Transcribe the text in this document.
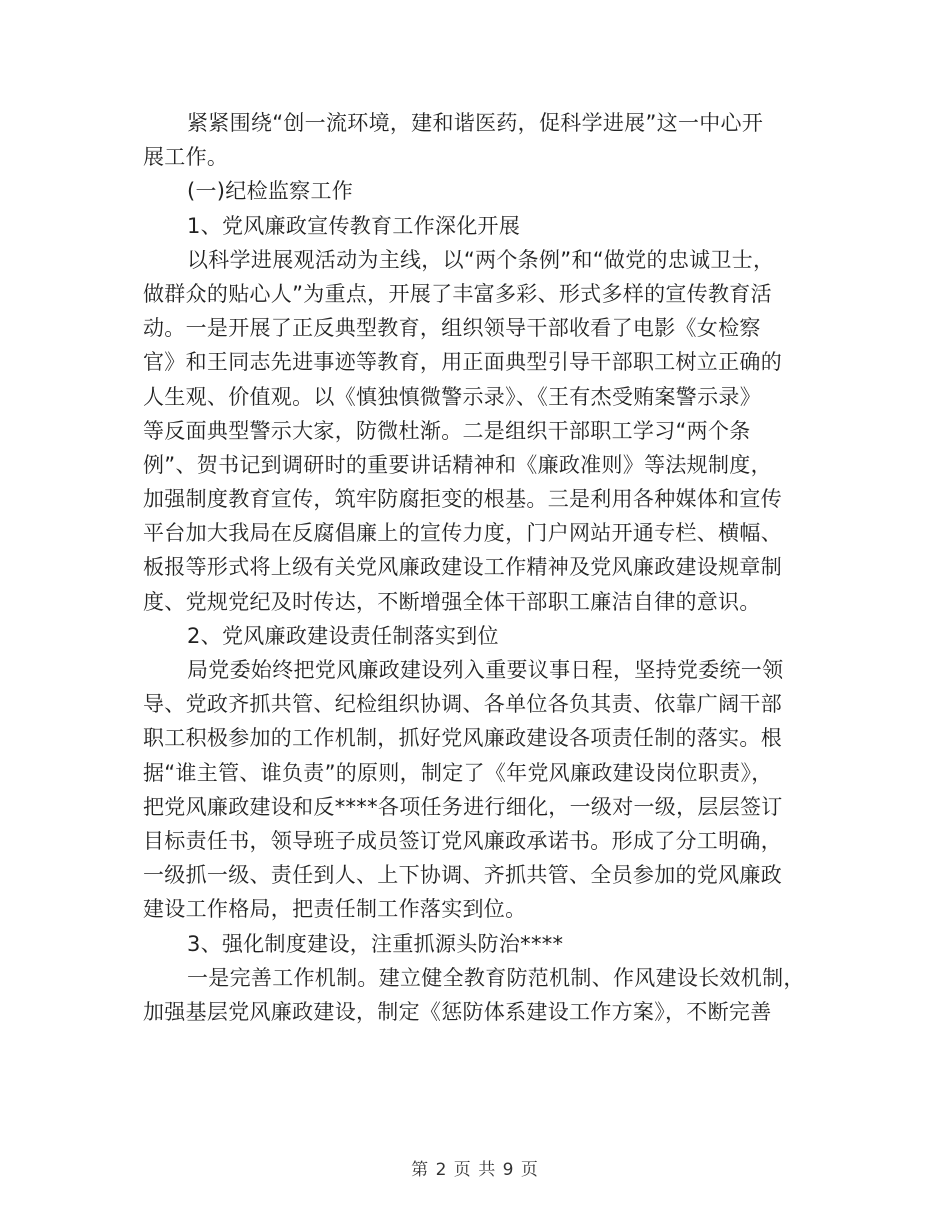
紧紧围绕“创一流环境，建和谐医药，促科学进展”这一中心开
展工作。
(一)纪检监察工作
1、党风廉政宣传教育工作深化开展
以科学进展观活动为主线，以“两个条例”和“做党的忠诚卫士，
做群众的贴心人”为重点，开展了丰富多彩、形式多样的宣传教育活
动。一是开展了正反典型教育，组织领导干部收看了电影《女检察
官》和王同志先进事迹等教育，用正面典型引导干部职工树立正确的
人生观、价值观。以《慎独慎微警示录》、《王有杰受贿案警示录》
等反面典型警示大家，防微杜渐。二是组织干部职工学习“两个条
例”、贺书记到调研时的重要讲话精神和《廉政准则》等法规制度，
加强制度教育宣传，筑牢防腐拒变的根基。三是利用各种媒体和宣传
平台加大我局在反腐倡廉上的宣传力度，门户网站开通专栏、横幅、
板报等形式将上级有关党风廉政建设工作精神及党风廉政建设规章制
度、党规党纪及时传达，不断增强全体干部职工廉洁自律的意识。
2、党风廉政建设责任制落实到位
局党委始终把党风廉政建设列入重要议事日程，坚持党委统一领
导、党政齐抓共管、纪检组织协调、各单位各负其责、依靠广阔干部
职工积极参加的工作机制，抓好党风廉政建设各项责任制的落实。根
据“谁主管、谁负责”的原则，制定了《年党风廉政建设岗位职责》，
把党风廉政建设和反****各项任务进行细化，一级对一级，层层签订
目标责任书，领导班子成员签订党风廉政承诺书。形成了分工明确，
一级抓一级、责任到人、上下协调、齐抓共管、全员参加的党风廉政
建设工作格局，把责任制工作落实到位。
3、强化制度建设，注重抓源头防治****
一是完善工作机制。建立健全教育防范机制、作风建设长效机制，
加强基层党风廉政建设，制定《惩防体系建设工作方案》，不断完善
第 2 页 共 9 页
